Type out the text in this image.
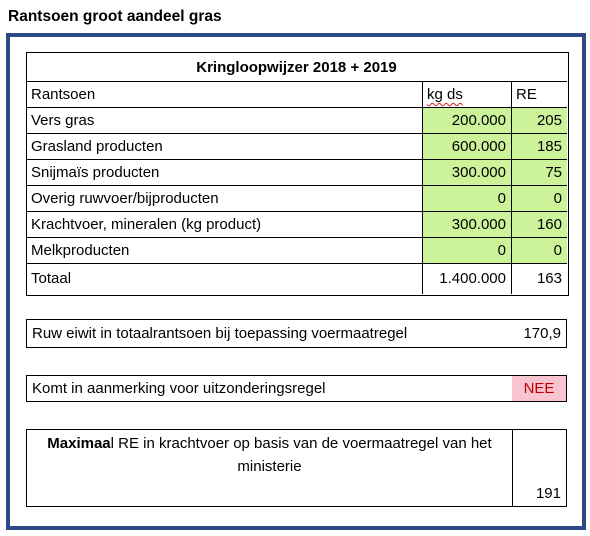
Rantsoen groot aandeel gras
Kringloopwijzer 2018 + 2019
Rantsoen	kg ds	RE
Vers gras	200.000	205
Grasland producten	600.000	185
Snijmaïs producten	300.000	75
Overig ruwvoer/bijproducten	0	0
Krachtvoer, mineralen (kg product)	300.000	160
Melkproducten	0	0
Totaal	1.400.000	163
Ruw eiwit in totaalrantsoen bij toepassing voermaatregel	170,9
Komt in aanmerking voor uitzonderingsregel	NEE
Maximaal RE in krachtvoer op basis van de voermaatregel van het ministerie
191
